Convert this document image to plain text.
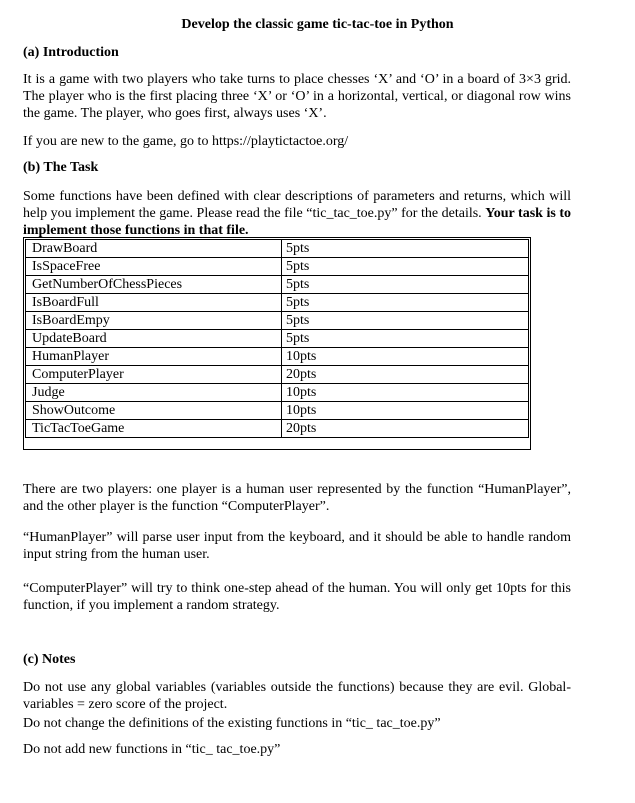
Develop the classic game tic-tac-toe in Python
(a) Introduction
It is a game with two players who take turns to place chesses ‘X’ and ‘O’ in a board of 3×3 grid.
The player who is the first placing three ‘X’ or ‘O’ in a horizontal, vertical, or diagonal row wins
the game. The player, who goes first, always uses ‘X’.
If you are new to the game, go to https://playtictactoe.org/
(b) The Task
Some functions have been defined with clear descriptions of parameters and returns, which will
help you implement the game. Please read the file “tic_tac_toe.py” for the details. Your task is to
implement those functions in that file.
DrawBoard	5pts
IsSpaceFree	5pts
GetNumberOfChessPieces	5pts
IsBoardFull	5pts
IsBoardEmpy	5pts
UpdateBoard	5pts
HumanPlayer	10pts
ComputerPlayer	20pts
Judge	10pts
ShowOutcome	10pts
TicTacToeGame	20pts
There are two players: one player is a human user represented by the function “HumanPlayer”,
and the other player is the function “ComputerPlayer”.
“HumanPlayer” will parse user input from the keyboard, and it should be able to handle random
input string from the human user.
“ComputerPlayer” will try to think one-step ahead of the human. You will only get 10pts for this
function, if you implement a random strategy.
(c) Notes
Do not use any global variables (variables outside the functions) because they are evil. Global-
variables = zero score of the project.
Do not change the definitions of the existing functions in “tic_ tac_toe.py”
Do not add new functions in “tic_ tac_toe.py”
